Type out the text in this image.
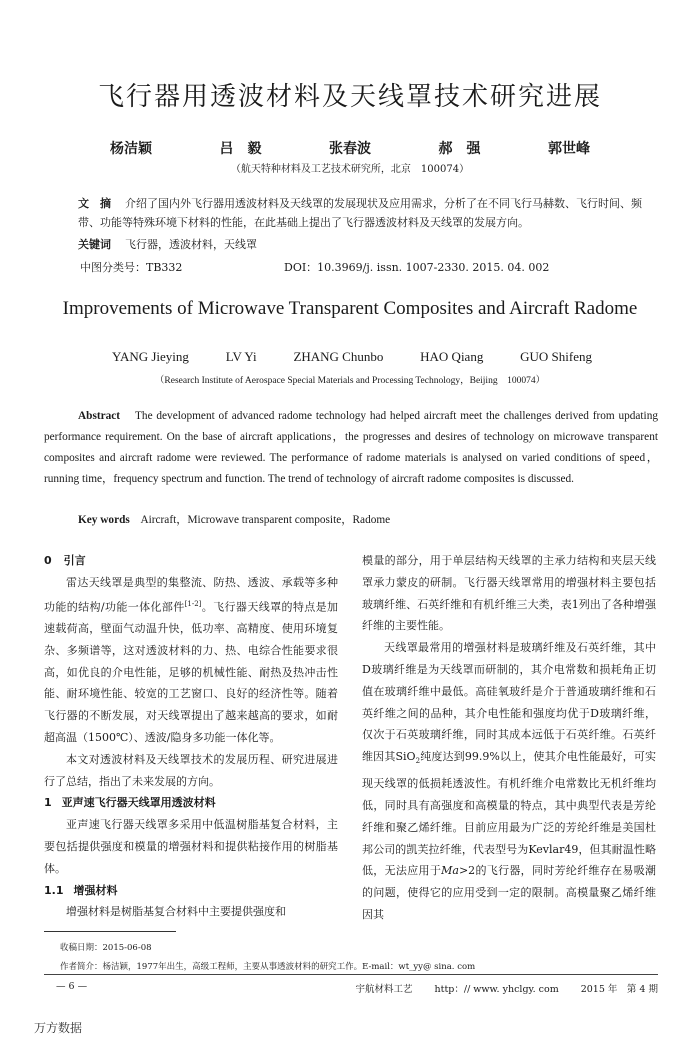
飞行器用透波材料及天线罩技术研究进展
杨洁颖	吕　毅	张春波	郝　强	郭世峰
（航天特种材料及工艺技术研究所，北京　100074）
文　摘 介绍了国内外飞行器用透波材料及天线罩的发展现状及应用需求，分析了在不同飞行马赫数、飞行时间、频带、功能等特殊环境下材料的性能，在此基础上提出了飞行器透波材料及天线罩的发展方向。
关键词 飞行器，透波材料，天线罩
中图分类号：TB332	DOI：10.3969/j. issn. 1007-2330. 2015. 04. 002
Improvements of Microwave Transparent Composites and Aircraft Radome
YANG Jieying	LV Yi	ZHANG Chunbo	HAO Qiang	GUO Shifeng
（Research Institute of Aerospace Special Materials and Processing Technology，Beijing　100074）
Abstract The development of advanced radome technology had helped aircraft meet the challenges derived from updating performance requirement. On the base of aircraft applications，the progresses and desires of technology on microwave transparent composites and aircraft radome were reviewed. The performance of radome materials is analysed on varied conditions of speed，running time，frequency spectrum and function. The trend of technology of aircraft radome composites is discussed.
Key words Aircraft，Microwave transparent composite，Radome
0 引言

雷达天线罩是典型的集整流、防热、透波、承载等多种功能的结构/功能一体化部件[1-2]。飞行器天线罩的特点是加速载荷高，壁面气动温升快，低功率、高精度、使用环境复杂、多频谱等，这对透波材料的力、热、电综合性能要求很高，如优良的介电性能，足够的机械性能、耐热及热冲击性能、耐环境性能、较宽的工艺窗口、良好的经济性等。随着飞行器的不断发展，对天线罩提出了越来越高的要求，如耐超高温（1500℃）、透波/隐身多功能一体化等。

本文对透波材料及天线罩技术的发展历程、研究进展进行了总结，指出了未来发展的方向。

1 亚声速飞行器天线罩用透波材料

亚声速飞行器天线罩多采用中低温树脂基复合材料，主要包括提供强度和模量的增强材料和提供粘接作用的树脂基体。

1.1 增强材料

增强材料是树脂基复合材料中主要提供强度和

模量的部分，用于单层结构天线罩的主承力结构和夹层天线罩承力蒙皮的研制。飞行器天线罩常用的增强材料主要包括玻璃纤维、石英纤维和有机纤维三大类，表1列出了各种增强纤维的主要性能。

天线罩最常用的增强材料是玻璃纤维及石英纤维，其中D玻璃纤维是为天线罩而研制的，其介电常数和损耗角正切值在玻璃纤维中最低。高硅氧玻纤是介于普通玻璃纤维和石英纤维之间的品种，其介电性能和强度均优于D玻璃纤维，仅次于石英玻璃纤维，同时其成本远低于石英纤维。石英纤维因其SiO$_2$纯度达到99.9%以上，使其介电性能最好，可实现天线罩的低损耗透波性。有机纤维介电常数比无机纤维均低，同时具有高强度和高模量的特点，其中典型代表是芳纶纤维和聚乙烯纤维。目前应用最为广泛的芳纶纤维是美国杜邦公司的凯芙拉纤维，代表型号为Kevlar49，但其耐温性略低，无法应用于Ma>2的飞行器，同时芳纶纤维存在易吸潮的问题，使得它的应用受到一定的限制。高模量聚乙烯纤维因其

收稿日期：2015-06-08
作者简介：杨洁颖，1977年出生，高级工程师，主要从事透波材料的研究工作。E-mail：wt_yy@ sina. com
— 6 —	宇航材料工艺 http：// www. yhclgy. com 2015 年　第 4 期
万方数据
